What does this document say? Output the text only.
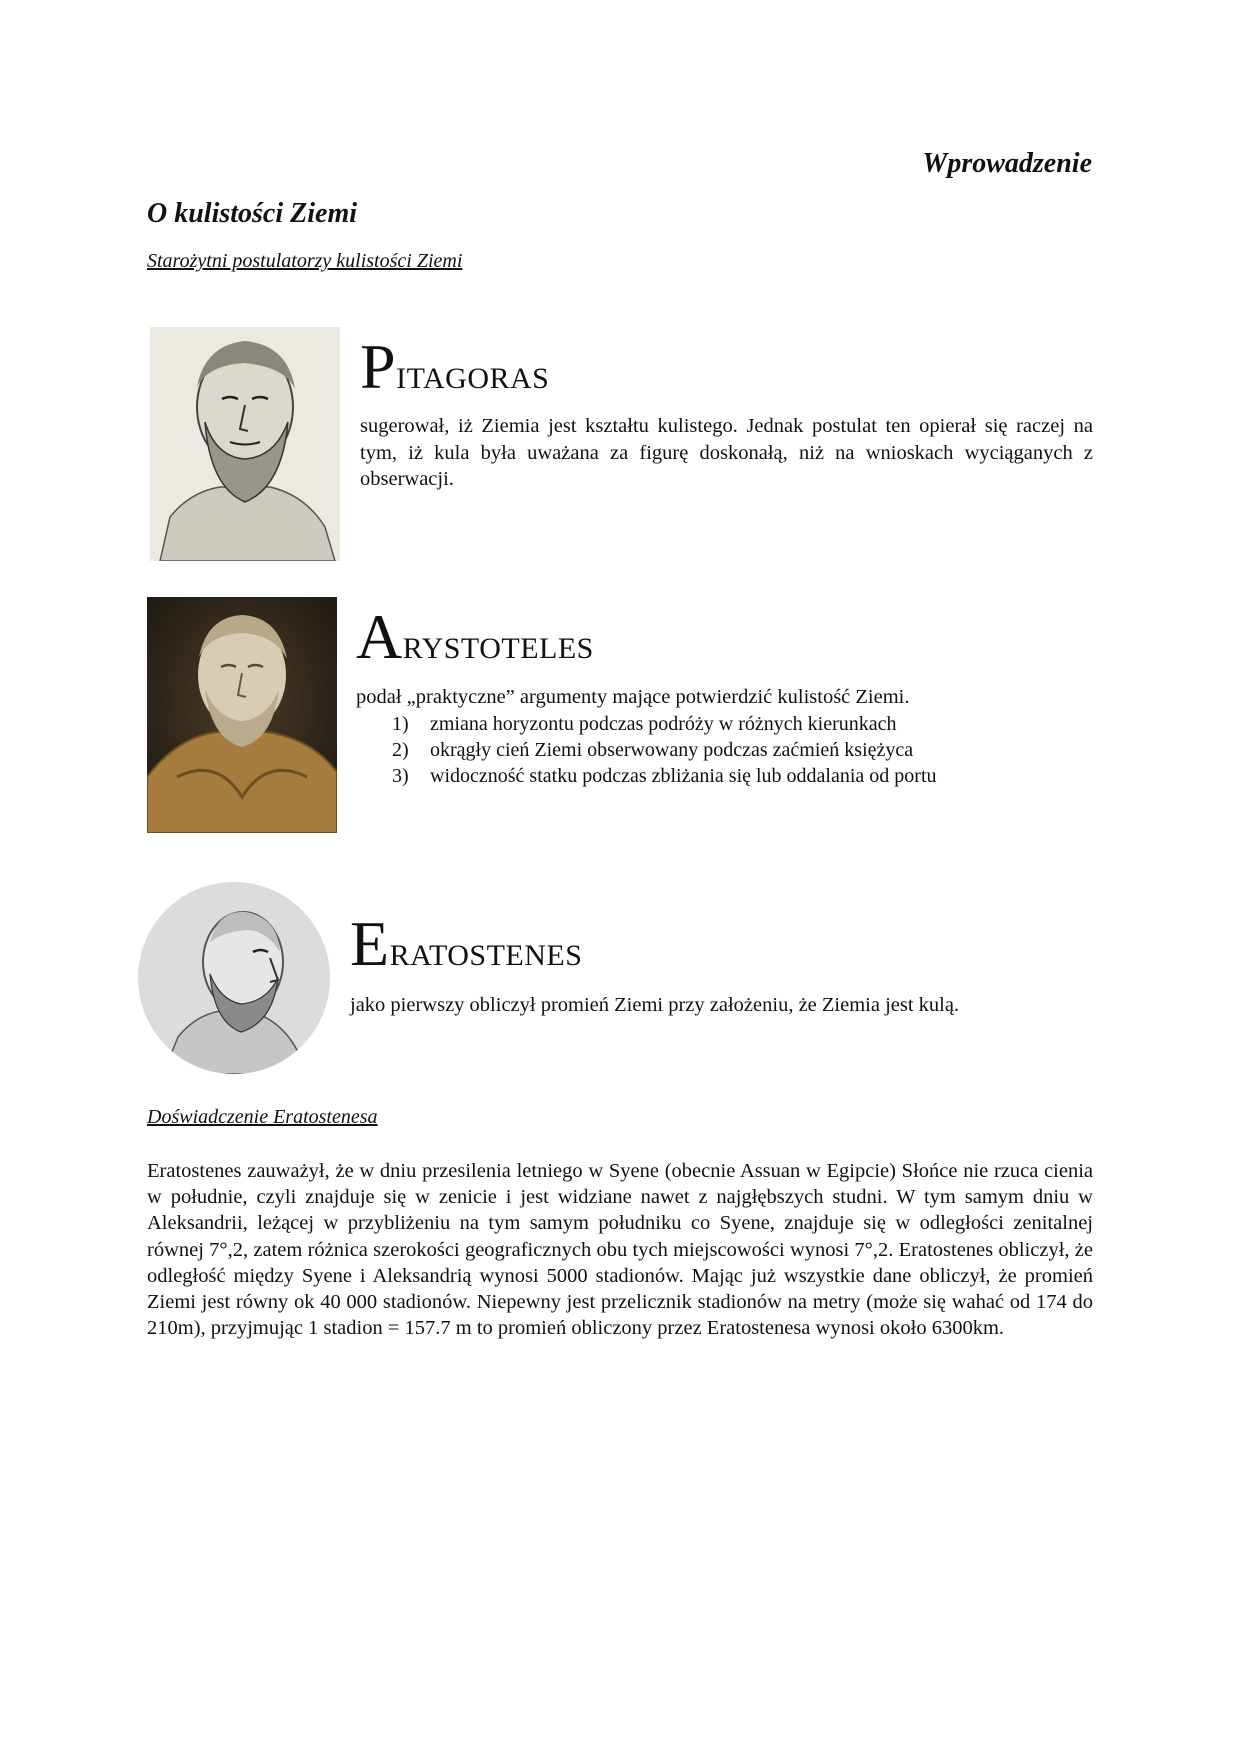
Wprowadzenie
O kulistości Ziemi
Starożytni postulatorzy kulistości Ziemi
PITAGORAS
sugerował, iż Ziemia jest kształtu kulistego. Jednak postulat ten opierał się raczej na tym, iż kula była uważana za figurę doskonałą, niż na wnioskach wyciąganych z obserwacji.
ARYSTOTELES
podał „praktyczne” argumenty mające potwierdzić kulistość Ziemi.
1)	zmiana horyzontu podczas podróży w różnych kierunkach
2)	okrągły cień Ziemi obserwowany podczas zaćmień księżyca
3)	widoczność statku podczas zbliżania się lub oddalania od portu
ERATOSTENES
jako pierwszy obliczył promień Ziemi przy założeniu, że Ziemia jest kulą.
Doświadczenie Eratostenesa
Eratostenes zauważył, że w dniu przesilenia letniego w Syene (obecnie Assuan w Egipcie) Słońce nie rzuca cienia w południe, czyli znajduje się w zenicie i jest widziane nawet z najgłębszych studni. W tym samym dniu w Aleksandrii, leżącej w przybliżeniu na tym samym południku co Syene, znajduje się w odległości zenitalnej równej 7°,2, zatem różnica szerokości geograficznych obu tych miejscowości wynosi 7°,2. Eratostenes obliczył, że odległość między Syene i Aleksandrią wynosi 5000 stadionów. Mając już wszystkie dane obliczył, że promień Ziemi jest równy ok 40 000 stadionów. Niepewny jest przelicznik stadionów na metry (może się wahać od 174 do 210m), przyjmując 1 stadion = 157.7 m to promień obliczony przez Eratostenesa wynosi około 6300km.
